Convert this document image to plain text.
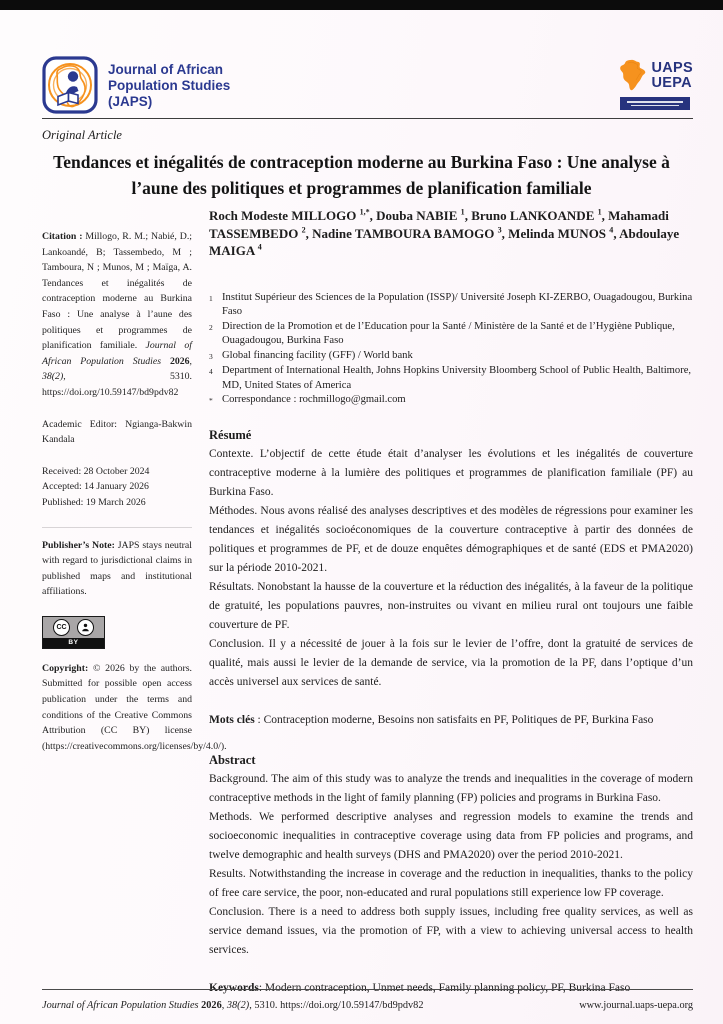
Journal of African
Population Studies
(JAPS)
UAPS
UEPA
Original Article
Tendances et inégalités de contraception moderne au Burkina Faso : Une analyse à l’aune des politiques et programmes de planification familiale
Citation : Millogo, R. M.; Nabié, D.; Lankoandé, B; Tassembedo, M ; Tamboura, N ; Munos, M ; Maïga, A. Tendances et inégalités de contraception moderne au Burkina Faso : Une analyse à l’aune des politiques et programmes de planification familiale. Journal of African Population Studies 2026, 38(2), 5310. https://doi.org/10.59147/bd9pdv82
Academic Editor: Ngianga-Bakwin Kandala
Received: 28 October 2024
Accepted: 14 January 2026
Published: 19 March 2026
Publisher’s Note: JAPS stays neutral with regard to jurisdictional claims in published maps and institutional affiliations.
CC
BY
Copyright: © 2026 by the authors. Submitted for possible open access publication under the terms and conditions of the Creative Commons Attribution (CC BY) license (https://creativecommons.org/licenses/by/4.0/).
Roch Modeste MILLOGO $^{1,*}$, Douba NABIE $^1$, Bruno LANKOANDE $^1$, Mahamadi TASSEMBEDO $^2$, Nadine TAMBOURA BAMOGO $^3$, Melinda MUNOS $^4$, Abdoulaye MAIGA $^4$
1 Institut Supérieur des Sciences de la Population (ISSP)/ Université Joseph KI-ZERBO, Ouagadougou, Burkina Faso
2 Direction de la Promotion et de l’Education pour la Santé / Ministère de la Santé et de l’Hygiène Publique, Ouagadougou, Burkina Faso
3 Global financing facility (GFF) / World bank
4 Department of International Health, Johns Hopkins University Bloomberg School of Public Health, Baltimore, MD, United States of America
* Correspondance : rochmillogo@gmail.com
Résumé

Contexte. L’objectif de cette étude était d’analyser les évolutions et les inégalités de couverture contraceptive moderne à la lumière des politiques et programmes de planification familiale (PF) au Burkina Faso.

Méthodes. Nous avons réalisé des analyses descriptives et des modèles de régressions pour examiner les tendances et inégalités socioéconomiques de la couverture contraceptive à partir des données de politiques et programmes de PF, et de douze enquêtes démographiques et de santé (EDS et PMA2020) sur la période 2010-2021.

Résultats. Nonobstant la hausse de la couverture et la réduction des inégalités, à la faveur de la politique de gratuité, les populations pauvres, non-instruites ou vivant en milieu rural ont toujours une faible couverture de PF.

Conclusion. Il y a nécessité de jouer à la fois sur le levier de l’offre, dont la gratuité de services de qualité, mais aussi le levier de la demande de service, via la promotion de la PF, dans l’optique d’un accès universel aux services de santé.

Mots clés : Contraception moderne, Besoins non satisfaits en PF, Politiques de PF, Burkina Faso
Abstract

Background. The aim of this study was to analyze the trends and inequalities in the coverage of modern contraceptive methods in the light of family planning (FP) policies and programs in Burkina Faso.

Methods. We performed descriptive analyses and regression models to examine the trends and socioeconomic inequalities in contraceptive coverage using data from FP policies and programs, and twelve demographic and health surveys (DHS and PMA2020) over the period 2010-2021.

Results. Notwithstanding the increase in coverage and the reduction in inequalities, thanks to the policy of free care service, the poor, non-educated and rural populations still experience low FP coverage.

Conclusion. There is a need to address both supply issues, including free quality services, as well as service demand issues, via the promotion of FP, with a view to achieving universal access to health services.

Keywords: Modern contraception, Unmet needs, Family planning policy, PF, Burkina Faso
Journal of African Population Studies 2026, 38(2), 5310. https://doi.org/10.59147/bd9pdv82	www.journal.uaps-uepa.org
